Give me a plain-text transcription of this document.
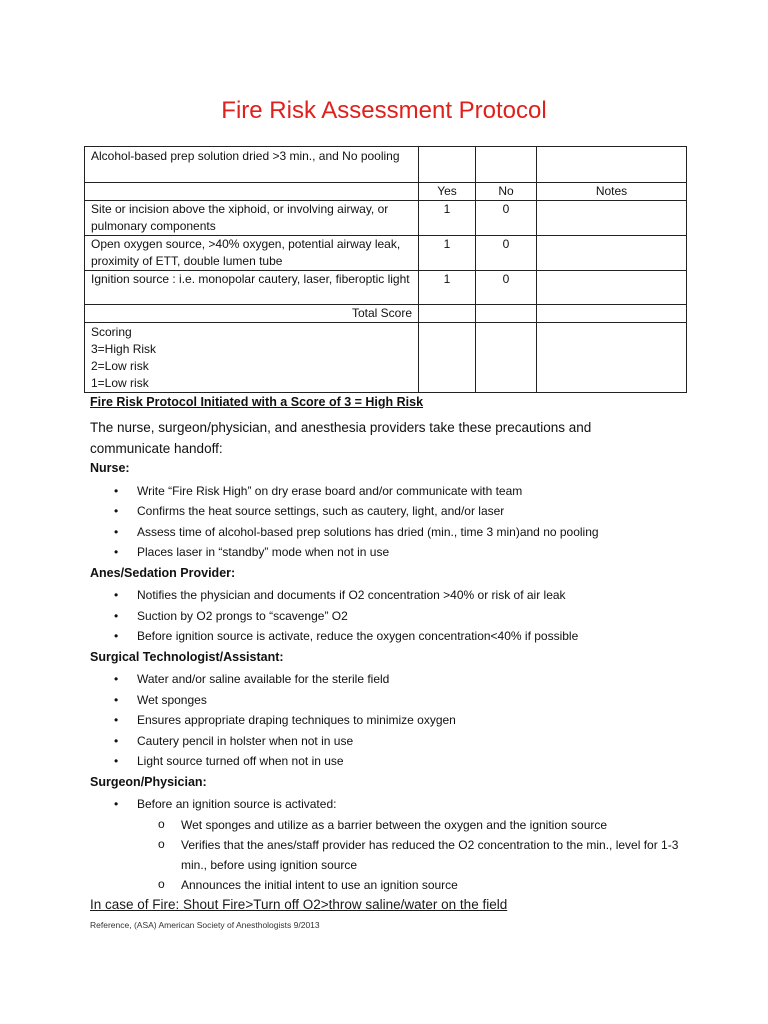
Fire Risk Assessment Protocol
Alcohol-based prep solution dried >3 min., and No pooling			
	Yes	No	Notes
Site or incision above the xiphoid, or involving airway, or pulmonary components	1	0	
Open oxygen source, >40% oxygen, potential airway leak, proximity of ETT, double lumen tube	1	0	
Ignition source : i.e. monopolar cautery, laser, fiberoptic light	1	0	
Total Score			

Scoring
3=High Risk
2=Low risk
1=Low risk			

Fire Risk Protocol Initiated with a Score of 3 = High Risk
The nurse, surgeon/physician, and anesthesia providers take these precautions and communicate handoff:
Nurse:
• Write “Fire Risk High” on dry erase board and/or communicate with team
• Confirms the heat source settings, such as cautery, light, and/or laser
• Assess time of alcohol-based prep solutions has dried (min., time 3 min)and no pooling
• Places laser in “standby” mode when not in use
Anes/Sedation Provider:
• Notifies the physician and documents if O2 concentration >40% or risk of air leak
• Suction by O2 prongs to “scavenge” O2
• Before ignition source is activate, reduce the oxygen concentration<40% if possible
Surgical Technologist/Assistant:
• Water and/or saline available for the sterile field
• Wet sponges
• Ensures appropriate draping techniques to minimize oxygen
• Cautery pencil in holster when not in use
• Light source turned off when not in use
Surgeon/Physician:
• Before an ignition source is activated:
o Wet sponges and utilize as a barrier between the oxygen and the ignition source
o Verifies that the anes/staff provider has reduced the O2 concentration to the min., level for 1-3 min., before using ignition source
o Announces the initial intent to use an ignition source
In case of Fire: Shout Fire>Turn off O2>throw saline/water on the field
Reference, (ASA) American Society of Anesthologists 9/2013
